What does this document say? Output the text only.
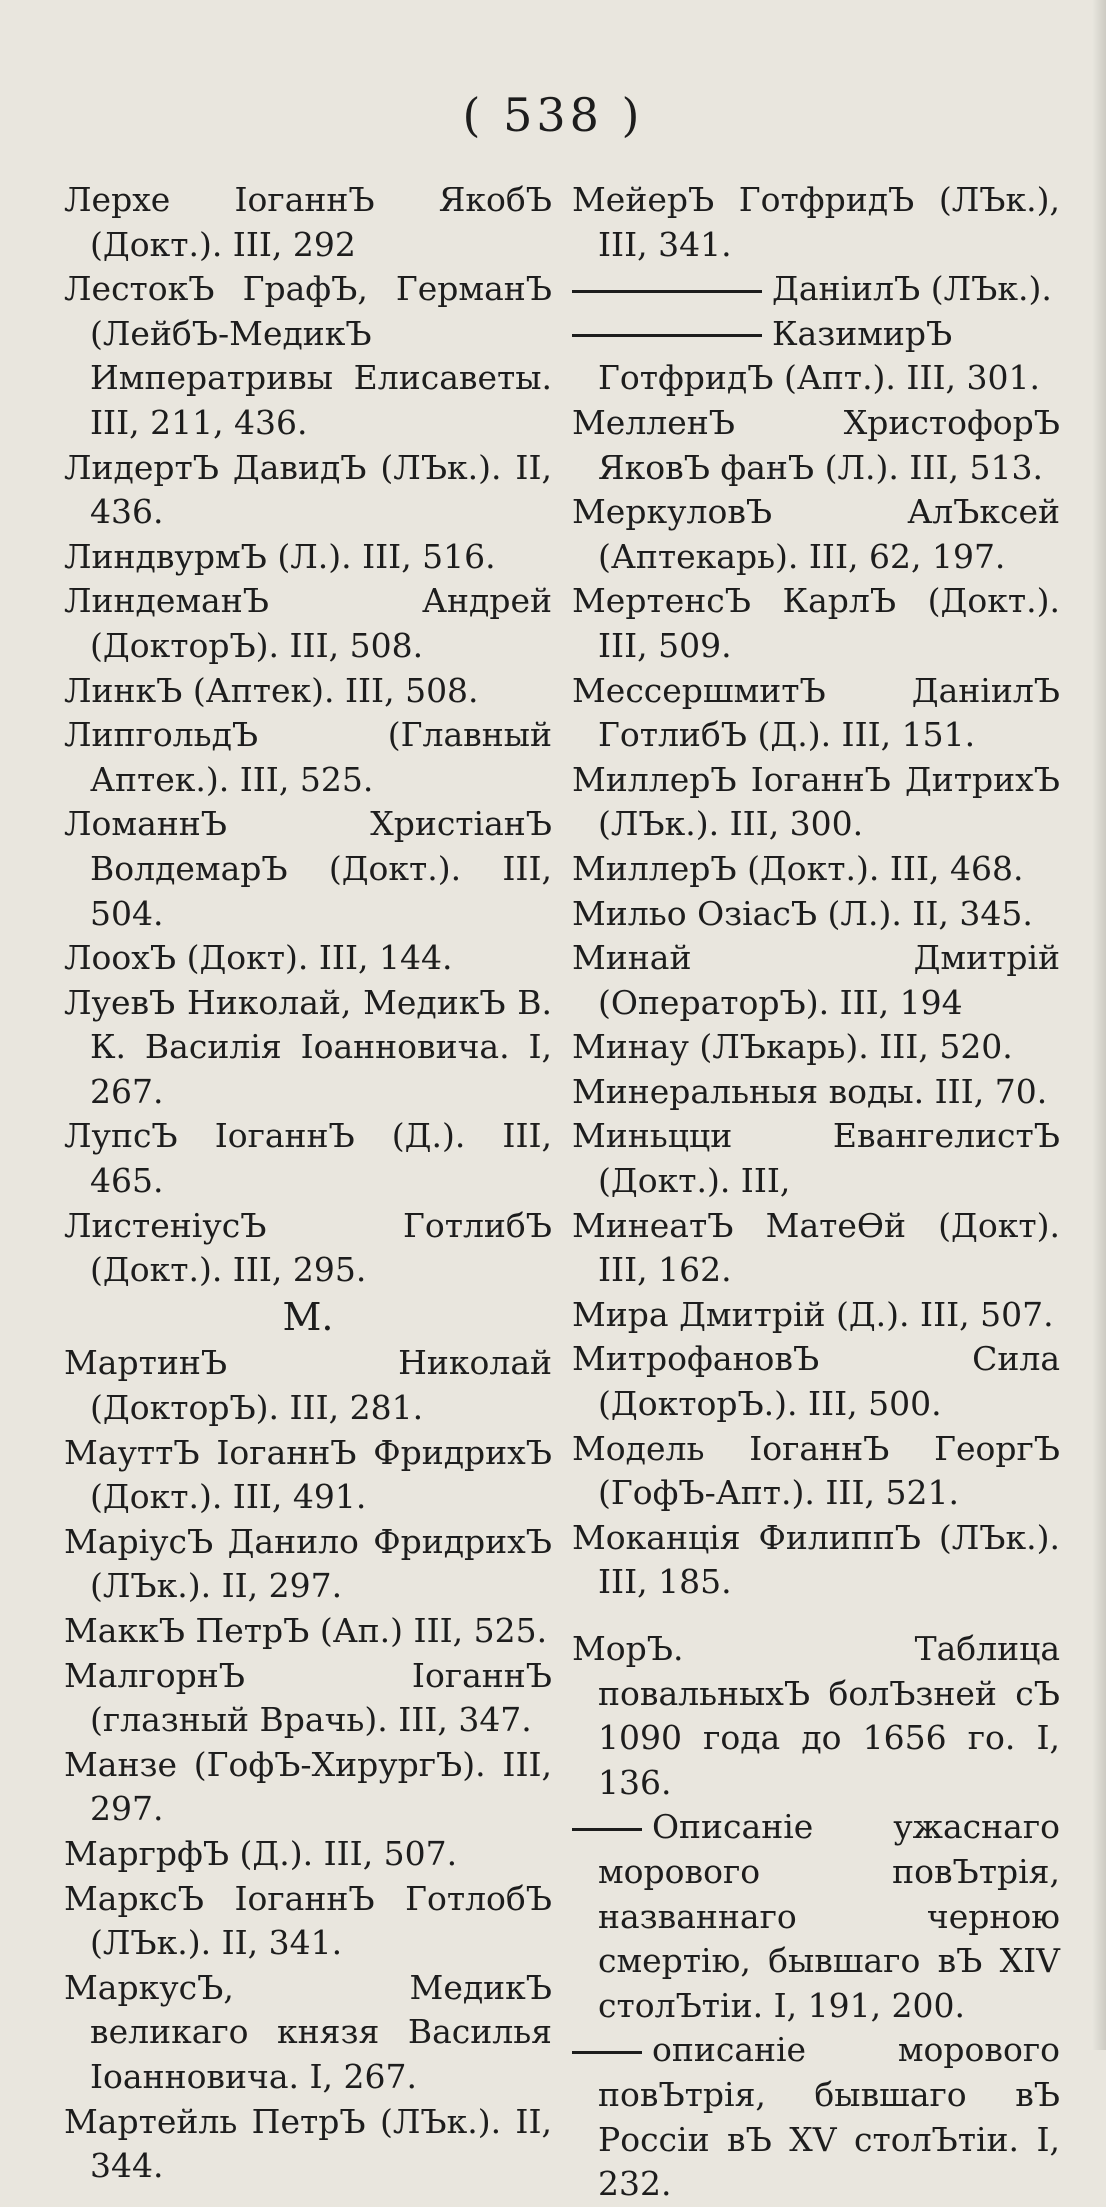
( 538 )

Лерхе ІоганнЪ ЯкобЪ (Докт.). III, 292

ЛестокЪ ГрафЪ, ГерманЪ (ЛейбЪ-МедикЪ Императривы Елисаветы. III, 211, 436.

ЛидертЪ ДавидЪ (ЛЪк.). II, 436.

ЛиндвурмЪ (Л.). III, 516.

ЛиндеманЪ Андрей (ДокторЪ). III, 508.

ЛинкЪ (Аптек). III, 508.

ЛипгольдЪ (Главный Аптек.). III, 525.

ЛоманнЪ ХристіанЪ ВолдемарЪ (Докт.). III, 504.

ЛоохЪ (Докт). III, 144.

ЛуевЪ Николай, МедикЪ В. К. Василія Іоанновича. I, 267.

ЛупсЪ ІоганнЪ (Д.). III, 465.

ЛистеніусЪ ГотлибЪ (Докт.). III, 295.

М.

МартинЪ Николай (ДокторЪ). III, 281.

МауттЪ ІоганнЪ ФридрихЪ (Докт.). III, 491.

МаріусЪ Данило ФридрихЪ (ЛЪк.). II, 297.

МаккЪ ПетрЪ (Ап.) III, 525.

МалгорнЪ ІоганнЪ (глазный Врачь). III, 347.

Манзе (ГофЪ-ХирургЪ). III, 297.

МаргрфЪ (Д.). III, 507.

МарксЪ ІоганнЪ ГотлобЪ (ЛЪк.). II, 341.

МаркусЪ, МедикЪ великаго князя Василья Іоанновича. I, 267.

Мартейль ПетрЪ (ЛЪк.). II, 344.

МейерЪ ГотфридЪ (ЛЪк.), III, 341.

ДаніилЪ (ЛЪк.).

КазимирЪ ГотфридЪ (Апт.). III, 301.

МелленЪ ХристофорЪ ЯковЪ фанЪ (Л.). III, 513.

МеркуловЪ АлЪксей (Аптекарь). III, 62, 197.

МертенсЪ КарлЪ (Докт.). III, 509.

МессершмитЪ ДаніилЪ ГотлибЪ (Д.). III, 151.

МиллерЪ ІоганнЪ ДитрихЪ (ЛЪк.). III, 300.

МиллерЪ (Докт.). III, 468.

Мильо ОзіасЪ (Л.). II, 345.

Минай Дмитрій (ОператорЪ). III, 194

Минау (ЛЪкарь). III, 520.

Минеральныя воды. III, 70.

Миньцци ЕвангелистЪ (Докт.). III,

МинеатЪ МатеѲй (Докт). III, 162.

Мира Дмитрій (Д.). III, 507.

МитрофановЪ Сила (ДокторЪ.). III, 500.

Модель ІоганнЪ ГеоргЪ (ГофЪ-Апт.). III, 521.

Моканція ФилиппЪ (ЛЪк.). III, 185.

МорЪ. Таблица повальныхЪ болЪзней сЪ 1090 года до 1656 го. I, 136.

Описаніе ужаснаго морового повЪтрія, названнаго черною смертію, бывшаго вЪ XIV столЪтіи. I, 191, 200.

описаніе морового повЪтрія, бывшаго вЪ Россіи вЪ XV столЪтіи. I, 232.
